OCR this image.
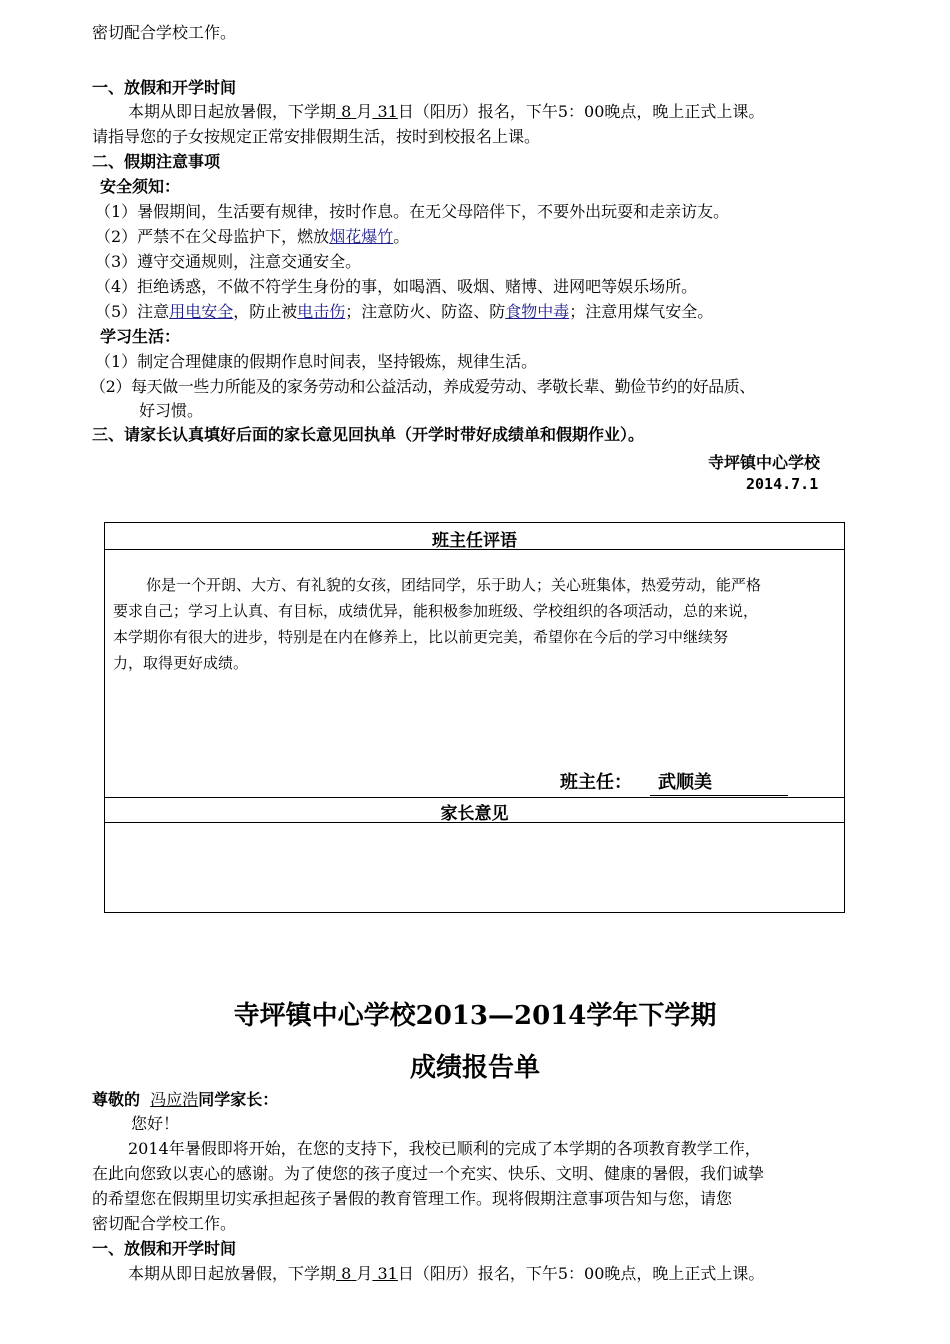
密切配合学校工作。
一、放假和开学时间
本期从即日起放暑假，下学期 8 月 31日（阳历）报名，下午5：00晚点，晚上正式上课。
请指导您的子女按规定正常安排假期生活，按时到校报名上课。
二、假期注意事项
安全须知：
（1）暑假期间，生活要有规律，按时作息。在无父母陪伴下，不要外出玩耍和走亲访友。
（2）严禁不在父母监护下，燃放烟花爆竹。
（3）遵守交通规则，注意交通安全。
（4）拒绝诱惑，不做不符学生身份的事，如喝酒、吸烟、赌博、进网吧等娱乐场所。
（5）注意用电安全，防止被电击伤；注意防火、防盗、防食物中毒；注意用煤气安全。
学习生活：
（1）制定合理健康的假期作息时间表，坚持锻炼，规律生活。
（2）每天做一些力所能及的家务劳动和公益活动，养成爱劳动、孝敬长辈、勤俭节约的好品质、
好习惯。
三、请家长认真填好后面的家长意见回执单（开学时带好成绩单和假期作业）。
寺坪镇中心学校
2014.7.1
班主任评语
家长意见
你是一个开朗、大方、有礼貌的女孩，团结同学，乐于助人；关心班集体，热爱劳动，能严格
要求自己；学习上认真、有目标，成绩优异，能积极参加班级、学校组织的各项活动，总的来说，
本学期你有很大的进步，特别是在内在修养上，比以前更完美，希望你在今后的学习中继续努
力，取得更好成绩。
班主任：	武顺美
寺坪镇中心学校2013—2014学年下学期
成绩报告单
尊敬的 冯应浩同学家长：
您好！
2014年暑假即将开始，在您的支持下，我校已顺利的完成了本学期的各项教育教学工作，
在此向您致以衷心的感谢。为了使您的孩子度过一个充实、快乐、文明、健康的暑假，我们诚挚
的希望您在假期里切实承担起孩子暑假的教育管理工作。现将假期注意事项告知与您，请您
密切配合学校工作。
一、放假和开学时间
本期从即日起放暑假，下学期 8 月 31日（阳历）报名，下午5：00晚点，晚上正式上课。
